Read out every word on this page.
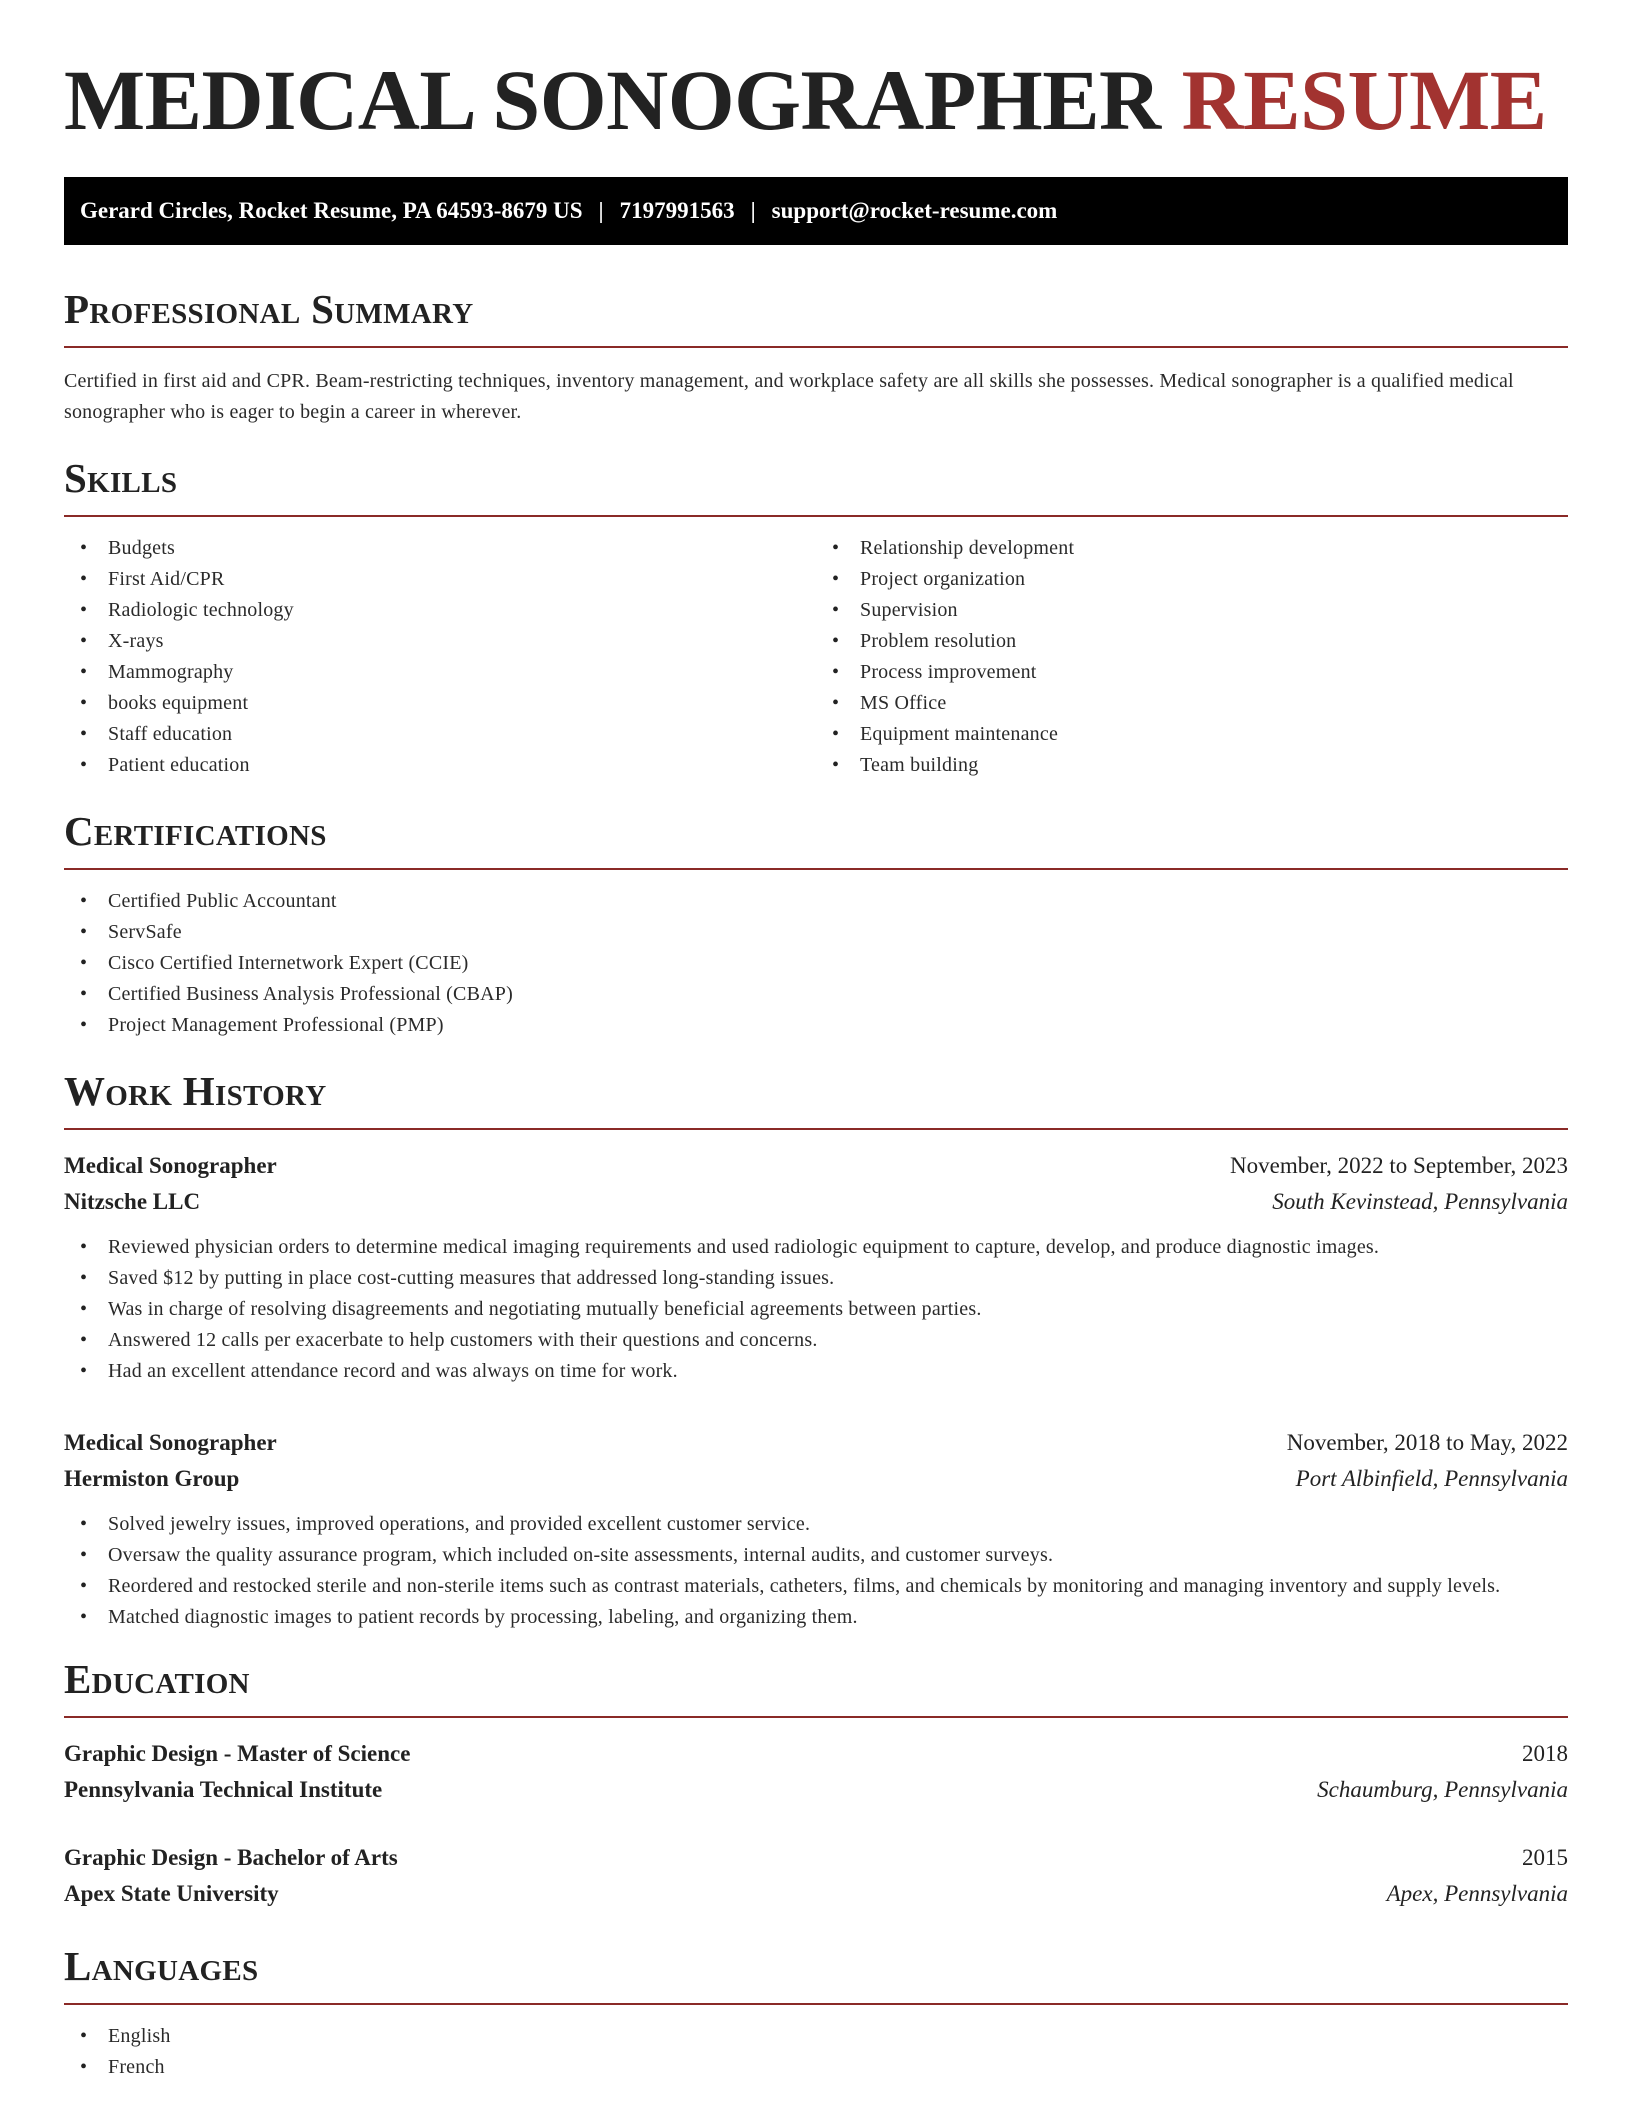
MEDICAL SONOGRAPHER RESUME
Gerard Circles, Rocket Resume, PA 64593-8679 US | 7197991563 | support@rocket-resume.com
Professional Summary

Certified in first aid and CPR. Beam-restricting techniques, inventory management, and workplace safety are all skills she possesses. Medical sonographer is a qualified medical sonographer who is eager to begin a career in wherever.

Skills
• Budgets
• First Aid/CPR
• Radiologic technology
• X-rays
• Mammography
• books equipment
• Staff education
• Patient education
• Relationship development
• Project organization
• Supervision
• Problem resolution
• Process improvement
• MS Office
• Equipment maintenance
• Team building
Certifications
• Certified Public Accountant
• ServSafe
• Cisco Certified Internetwork Expert (CCIE)
• Certified Business Analysis Professional (CBAP)
• Project Management Professional (PMP)
Work History
Medical Sonographer	November, 2022 to September, 2023
Nitzsche LLC	South Kevinstead, Pennsylvania
• Reviewed physician orders to determine medical imaging requirements and used radiologic equipment to capture, develop, and produce diagnostic images.
• Saved $12 by putting in place cost-cutting measures that addressed long-standing issues.
• Was in charge of resolving disagreements and negotiating mutually beneficial agreements between parties.
• Answered 12 calls per exacerbate to help customers with their questions and concerns.
• Had an excellent attendance record and was always on time for work.
Medical Sonographer	November, 2018 to May, 2022
Hermiston Group	Port Albinfield, Pennsylvania
• Solved jewelry issues, improved operations, and provided excellent customer service.
• Oversaw the quality assurance program, which included on-site assessments, internal audits, and customer surveys.
• Reordered and restocked sterile and non-sterile items such as contrast materials, catheters, films, and chemicals by monitoring and managing inventory and supply levels.
• Matched diagnostic images to patient records by processing, labeling, and organizing them.
Education
Graphic Design - Master of Science	2018
Pennsylvania Technical Institute	Schaumburg, Pennsylvania
Graphic Design - Bachelor of Arts	2015
Apex State University	Apex, Pennsylvania
Languages
• English
• French
